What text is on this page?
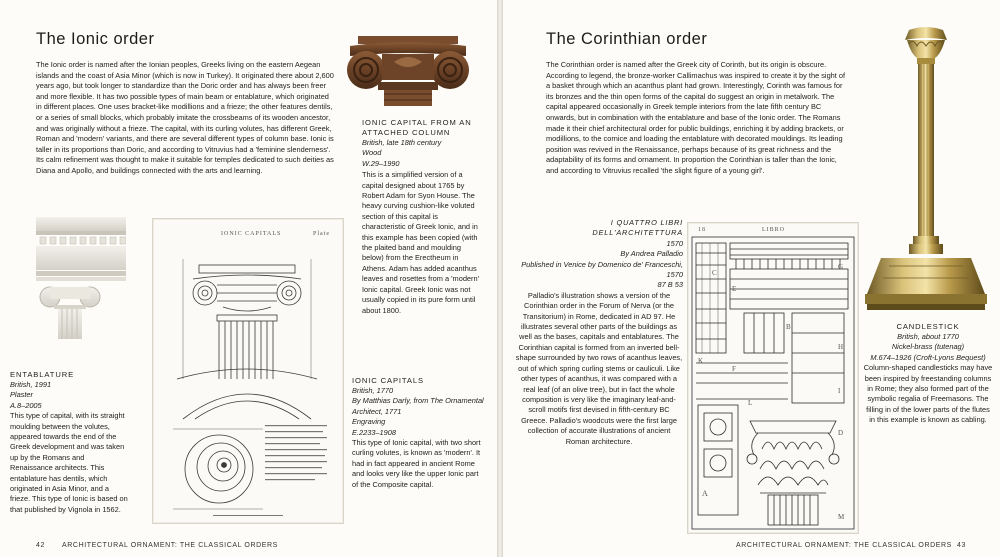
The Ionic order
The Ionic order is named after the Ionian peoples, Greeks living on the eastern Aegean islands and the coast of Asia Minor (which is now in Turkey). It originated there about 2,600 years ago, but took longer to standardize than the Doric order and has always been freer and more flexible. It has two possible types of main beam or entablature, which originated in different places. One uses bracket-like modillions and a frieze; the other features dentils, or a series of small blocks, which probably imitate the crossbeams of its wooden ancestor, and was originally without a frieze. The capital, with its curling volutes, has different Greek, Roman and 'modern' variants, and there are several different types of column base. Ionic is taller in its proportions than Doric, and according to Vitruvius had a 'feminine slenderness'. Its calm refinement was thought to make it suitable for temples dedicated to such deities as Diana and Apollo, and buildings connected with the arts and learning.
IONIC CAPITAL FROM AN ATTACHED COLUMN
British, late 18th century
Wood
W.29–1990
This is a simplified version of a capital designed about 1765 by Robert Adam for Syon House. The heavy curving cushion-like voluted section of this capital is characteristic of Greek Ionic, and in this example has been copied (with the plaited band and moulding below) from the Erectheum in Athens. Adam has added acanthus leaves and rosettes from a 'modern' Ionic capital. Greek Ionic was not usually copied in its pure form until about 1800.
ENTABLATURE
British, 1991
Plaster
A.8–2005
This type of capital, with its straight moulding between the volutes, appeared towards the end of the Greek development and was taken up by the Romans and Renaissance architects. This entablature has dentils, which originated in Asia Minor, and a frieze. This type of Ionic is based on that published by Vignola in 1562.
IONIC CAPITALS	Plate
IONIC CAPITALS
British, 1770
By Matthias Darly, from The Ornamental Architect, 1771
Engraving
E.2233–1908
This type of Ionic capital, with two short curling volutes, is known as 'modern'. It had in fact appeared in ancient Rome and looks very like the upper Ionic part of the Composite capital.
42 ARCHITECTURAL ORNAMENT: THE CLASSICAL ORDERS
The Corinthian order
The Corinthian order is named after the Greek city of Corinth, but its origin is obscure. According to legend, the bronze-worker Callimachus was inspired to create it by the sight of a basket through which an acanthus plant had grown. Interestingly, Corinth was famous for its bronzes and the thin open forms of the capital do suggest an origin in metalwork. The capital appeared occasionally in Greek temple interiors from the late fifth century BC onwards, but in combination with the entablature and base of the Ionic order. The Romans made it their chief architectural order for public buildings, enriching it by adding brackets, or modillions, to the cornice and loading the entablature with decorated mouldings. Its leading position was revived in the Renaissance, perhaps because of its great richness and the adaptability of its forms and ornament. In proportion the Corinthian is taller than the Ionic, and according to Vitruvius recalled 'the slight figure of a young girl'.
I QUATTRO LIBRI
DELL'ARCHITETTURA
1570
By Andrea Palladio
Published in Venice by Domenico de' Franceschi, 1570
87 B 53
Palladio's illustration shows a version of the Corinthian order in the Forum of Nerva (or the Transitorium) in Rome, dedicated in AD 97. He illustrates several other parts of the buildings as well as the bases, capitals and entablatures. The Corinthian capital is formed from an inverted bell-shape surrounded by two rows of acanthus leaves, out of which spring curling stems or cauliculi. Like other types of acanthus, it was compared with a real leaf (of an olive tree), but in fact the whole composition is very like the imaginary leaf-and-scroll motifs first devised in fifth-century BC Greece. Palladio's woodcuts were the first large collection of accurate illustrations of ancient Roman architecture.
18	LIBRO
A
B
C
D
E
F
G
H
I
K
L
M
CANDLESTICK
British, about 1770
Nickel-brass (tutenag)
M.674–1926 (Croft-Lyons Bequest)
Column-shaped candlesticks may have been inspired by freestanding columns in Rome; they also formed part of the symbolic regalia of Freemasons. The filling in of the lower parts of the flutes in this example is known as cabling.
ARCHITECTURAL ORNAMENT: THE CLASSICAL ORDERS 43
